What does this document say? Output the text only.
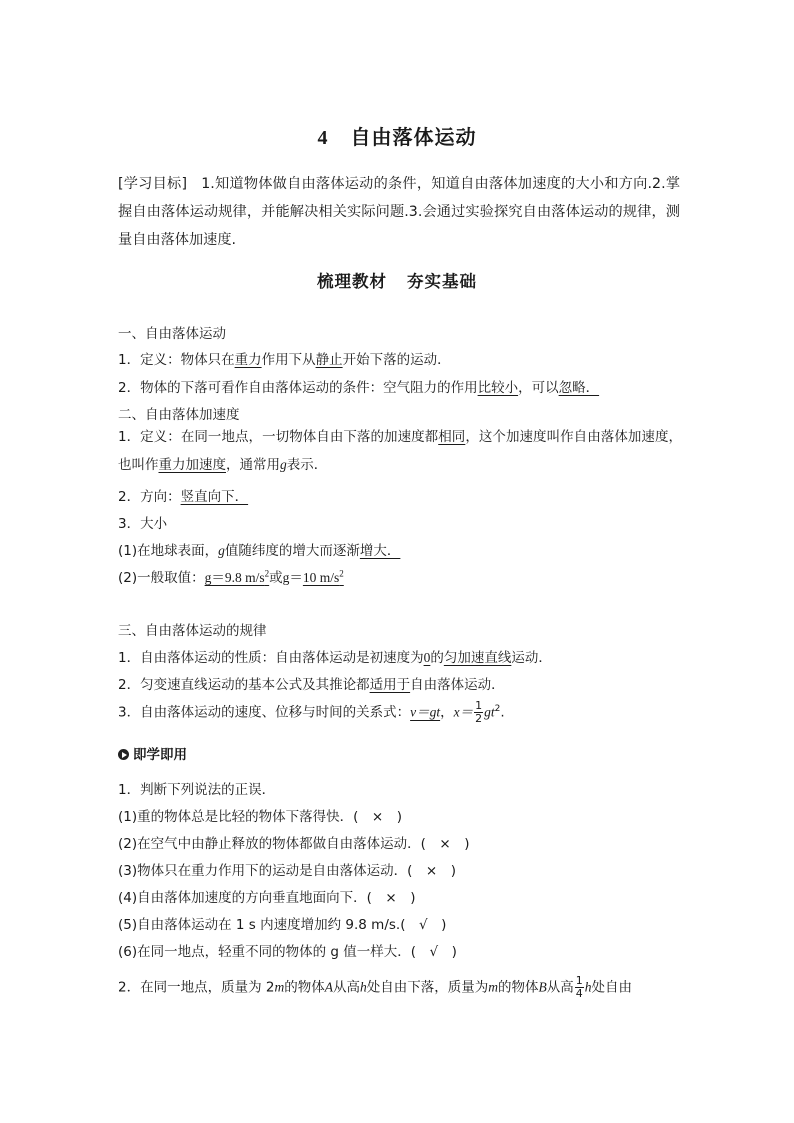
4 自由落体运动
[学习目标] 1.知道物体做自由落体运动的条件，知道自由落体加速度的大小和方向.2.掌握自由落体运动规律，并能解决相关实际问题.3.会通过实验探究自由落体运动的规律，测量自由落体加速度.
梳理教材 夯实基础
一、自由落体运动
1．定义：物体只在重力作用下从静止开始下落的运动．
2．物体的下落可看作自由落体运动的条件：空气阻力的作用比较小，可以忽略．
二、自由落体加速度
1．定义：在同一地点，一切物体自由下落的加速度都相同，这个加速度叫作自由落体加速度，也叫作重力加速度，通常用g表示．
2．方向：竖直向下．
3．大小
(1)在地球表面，g值随纬度的增大而逐渐增大．
(2)一般取值：g＝9.8 $m/s^2$或g＝10 $m/s^2$
三、自由落体运动的规律
1．自由落体运动的性质：自由落体运动是初速度为0的匀加速直线运动．
2．匀变速直线运动的基本公式及其推论都适用于自由落体运动．
3．自由落体运动的速度、位移与时间的关系式：v＝gt，$x= \frac{1}{2} gt^2$.
即学即用
1．判断下列说法的正误．
(1)重的物体总是比轻的物体下落得快．(　×　)
(2)在空气中由静止释放的物体都做自由落体运动．(　×　)
(3)物体只在重力作用下的运动是自由落体运动．(　×　)
(4)自由落体加速度的方向垂直地面向下．(　×　)
(5)自由落体运动在 1 s 内速度增加约 9.8 m/s.(　√　)
(6)在同一地点，轻重不同的物体的 g 值一样大．(　√　)
2．在同一地点，质量为 2m的物体A从高h处自由下落，质量为m的物体B从高 $\frac{1}{4}$ h处自由
